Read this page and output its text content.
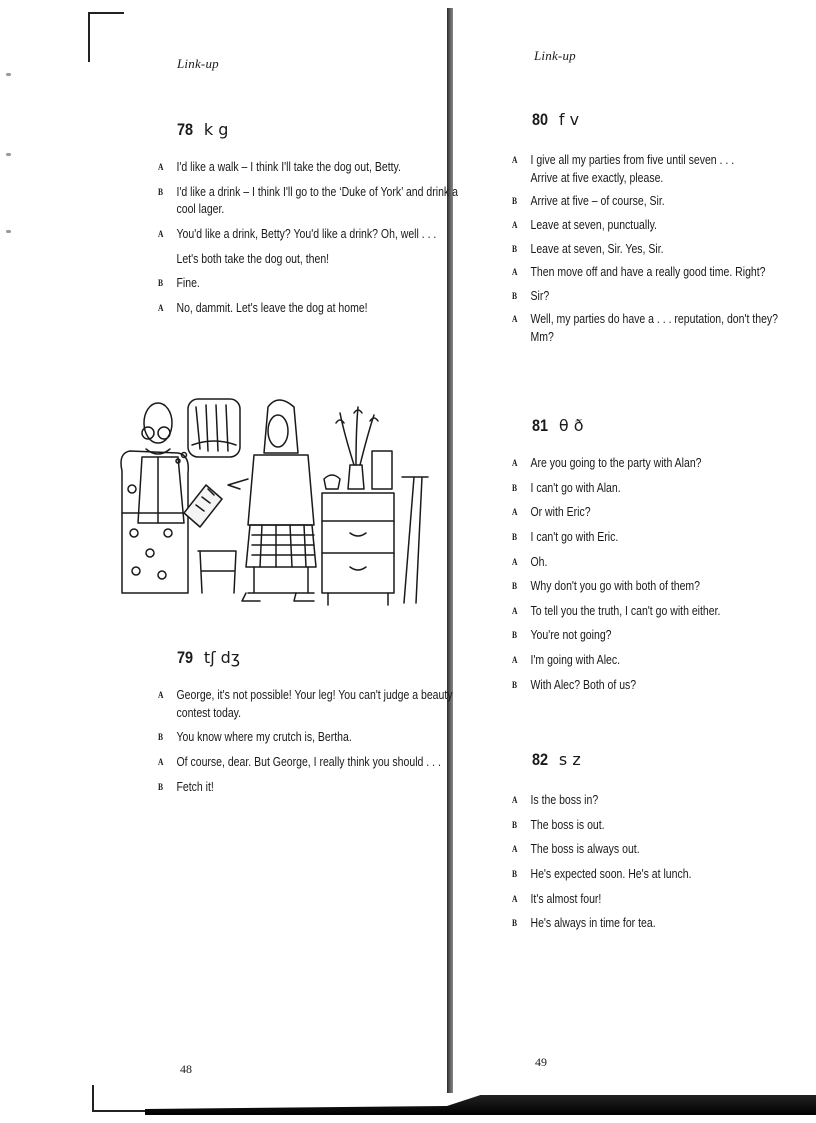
Link-up
78 k g
A	I'd like a walk – I think I'll take the dog out, Betty.
B	I'd like a drink – I think I'll go to the ‘Duke of York’ and drink a
cool lager.
A	You'd like a drink, Betty? You'd like a drink? Oh, well . . .
Let's both take the dog out, then!
B	Fine.
A	No, dammit. Let's leave the dog at home!
79 tʃ dʒ
A	George, it's not possible! Your leg! You can't judge a beauty
contest today.
B	You know where my crutch is, Bertha.
A	Of course, dear. But George, I really think you should . . .
B	Fetch it!
48
Link-up
80 f v
A	I give all my parties from five until seven . . .
Arrive at five exactly, please.
B	Arrive at five – of course, Sir.
A	Leave at seven, punctually.
B	Leave at seven, Sir. Yes, Sir.
A	Then move off and have a really good time. Right?
B	Sir?
A	Well, my parties do have a . . . reputation, don't they?
Mm?
81 θ ð
A	Are you going to the party with Alan?
B	I can't go with Alan.
A	Or with Eric?
B	I can't go with Eric.
A	Oh.
B	Why don't you go with both of them?
A	To tell you the truth, I can't go with either.
B	You're not going?
A	I'm going with Alec.
B	With Alec? Both of us?
82 s z
A	Is the boss in?
B	The boss is out.
A	The boss is always out.
B	He's expected soon. He's at lunch.
A	It's almost four!
B	He's always in time for tea.
49
